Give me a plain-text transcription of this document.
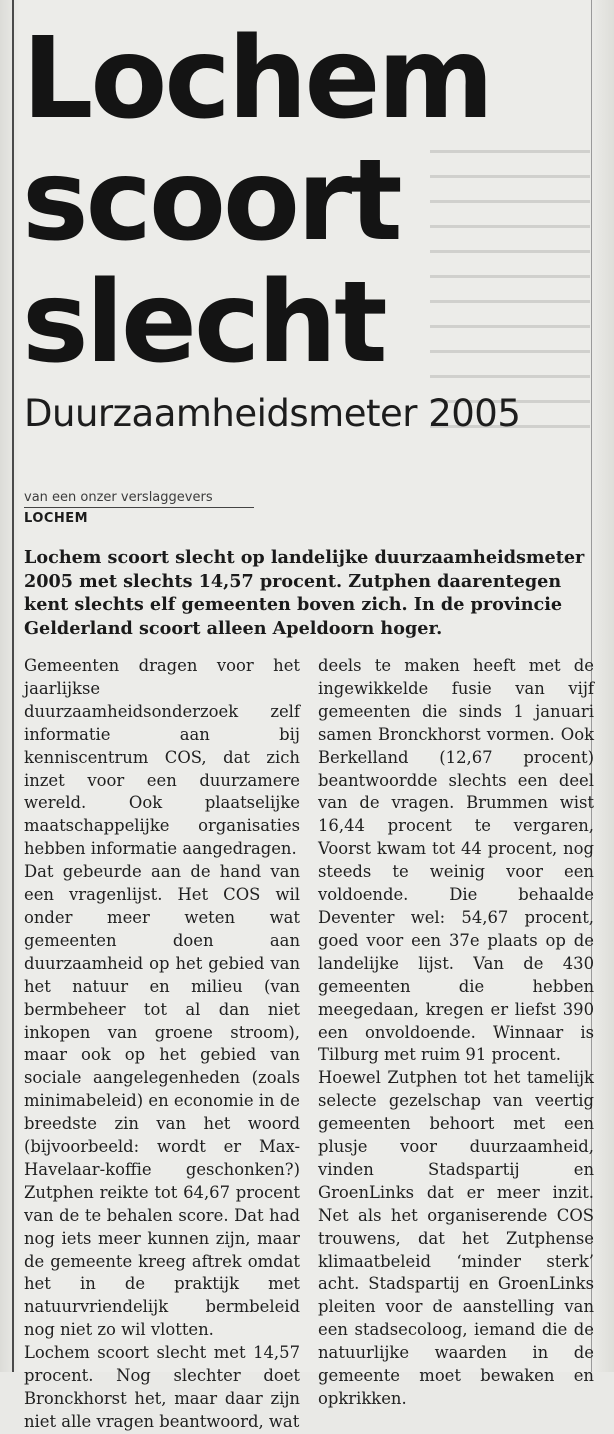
Lochem scoort slecht
Duurzaamheidsmeter 2005
van een onzer verslaggevers
LOCHEM

Lochem scoort slecht op landelijke duurzaamheidsmeter 2005 met slechts 14,57 procent. Zutphen daarentegen kent slechts elf gemeenten boven zich. In de provincie Gelderland scoort alleen Apeldoorn hoger.

Gemeenten dragen voor het jaarlijkse duurzaamheidsonderzoek zelf informatie aan bij kenniscentrum COS, dat zich inzet voor een duurzamere wereld. Ook plaatselijke maatschappelijke organisaties hebben informatie aangedragen.

Dat gebeurde aan de hand van een vragenlijst. Het COS wil onder meer weten wat gemeenten doen aan duurzaamheid op het gebied van het natuur en milieu (van bermbeheer tot al dan niet inkopen van groene stroom), maar ook op het gebied van sociale aangelegenheden (zoals minimabeleid) en economie in de breedste zin van het woord (bijvoorbeeld: wordt er Max-Havelaar-koffie geschonken?) Zutphen reikte tot 64,67 procent van de te behalen score. Dat had nog iets meer kunnen zijn, maar de gemeente kreeg aftrek omdat het in de praktijk met natuurvriendelijk bermbeleid nog niet zo wil vlotten.

Lochem scoort slecht met 14,57 procent. Nog slechter doet Bronckhorst het, maar daar zijn niet alle vragen beantwoord, wat

deels te maken heeft met de ingewikkelde fusie van vijf gemeenten die sinds 1 januari samen Bronckhorst vormen. Ook Berkelland (12,67 procent) beantwoordde slechts een deel van de vragen. Brummen wist 16,44 procent te vergaren, Voorst kwam tot 44 procent, nog steeds te weinig voor een voldoende. Die behaalde Deventer wel: 54,67 procent, goed voor een 37e plaats op de landelijke lijst. Van de 430 gemeenten die hebben meegedaan, kregen er liefst 390 een onvoldoende. Winnaar is Tilburg met ruim 91 procent.

Hoewel Zutphen tot het tamelijk selecte gezelschap van veertig gemeenten behoort met een plusje voor duurzaamheid, vinden Stadspartij en GroenLinks dat er meer inzit. Net als het organiserende COS trouwens, dat het Zutphense klimaatbeleid ‘minder sterk’ acht. Stadspartij en GroenLinks pleiten voor de aanstelling van een stadsecoloog, iemand die de natuurlijke waarden in de gemeente moet bewaken en opkrikken.
